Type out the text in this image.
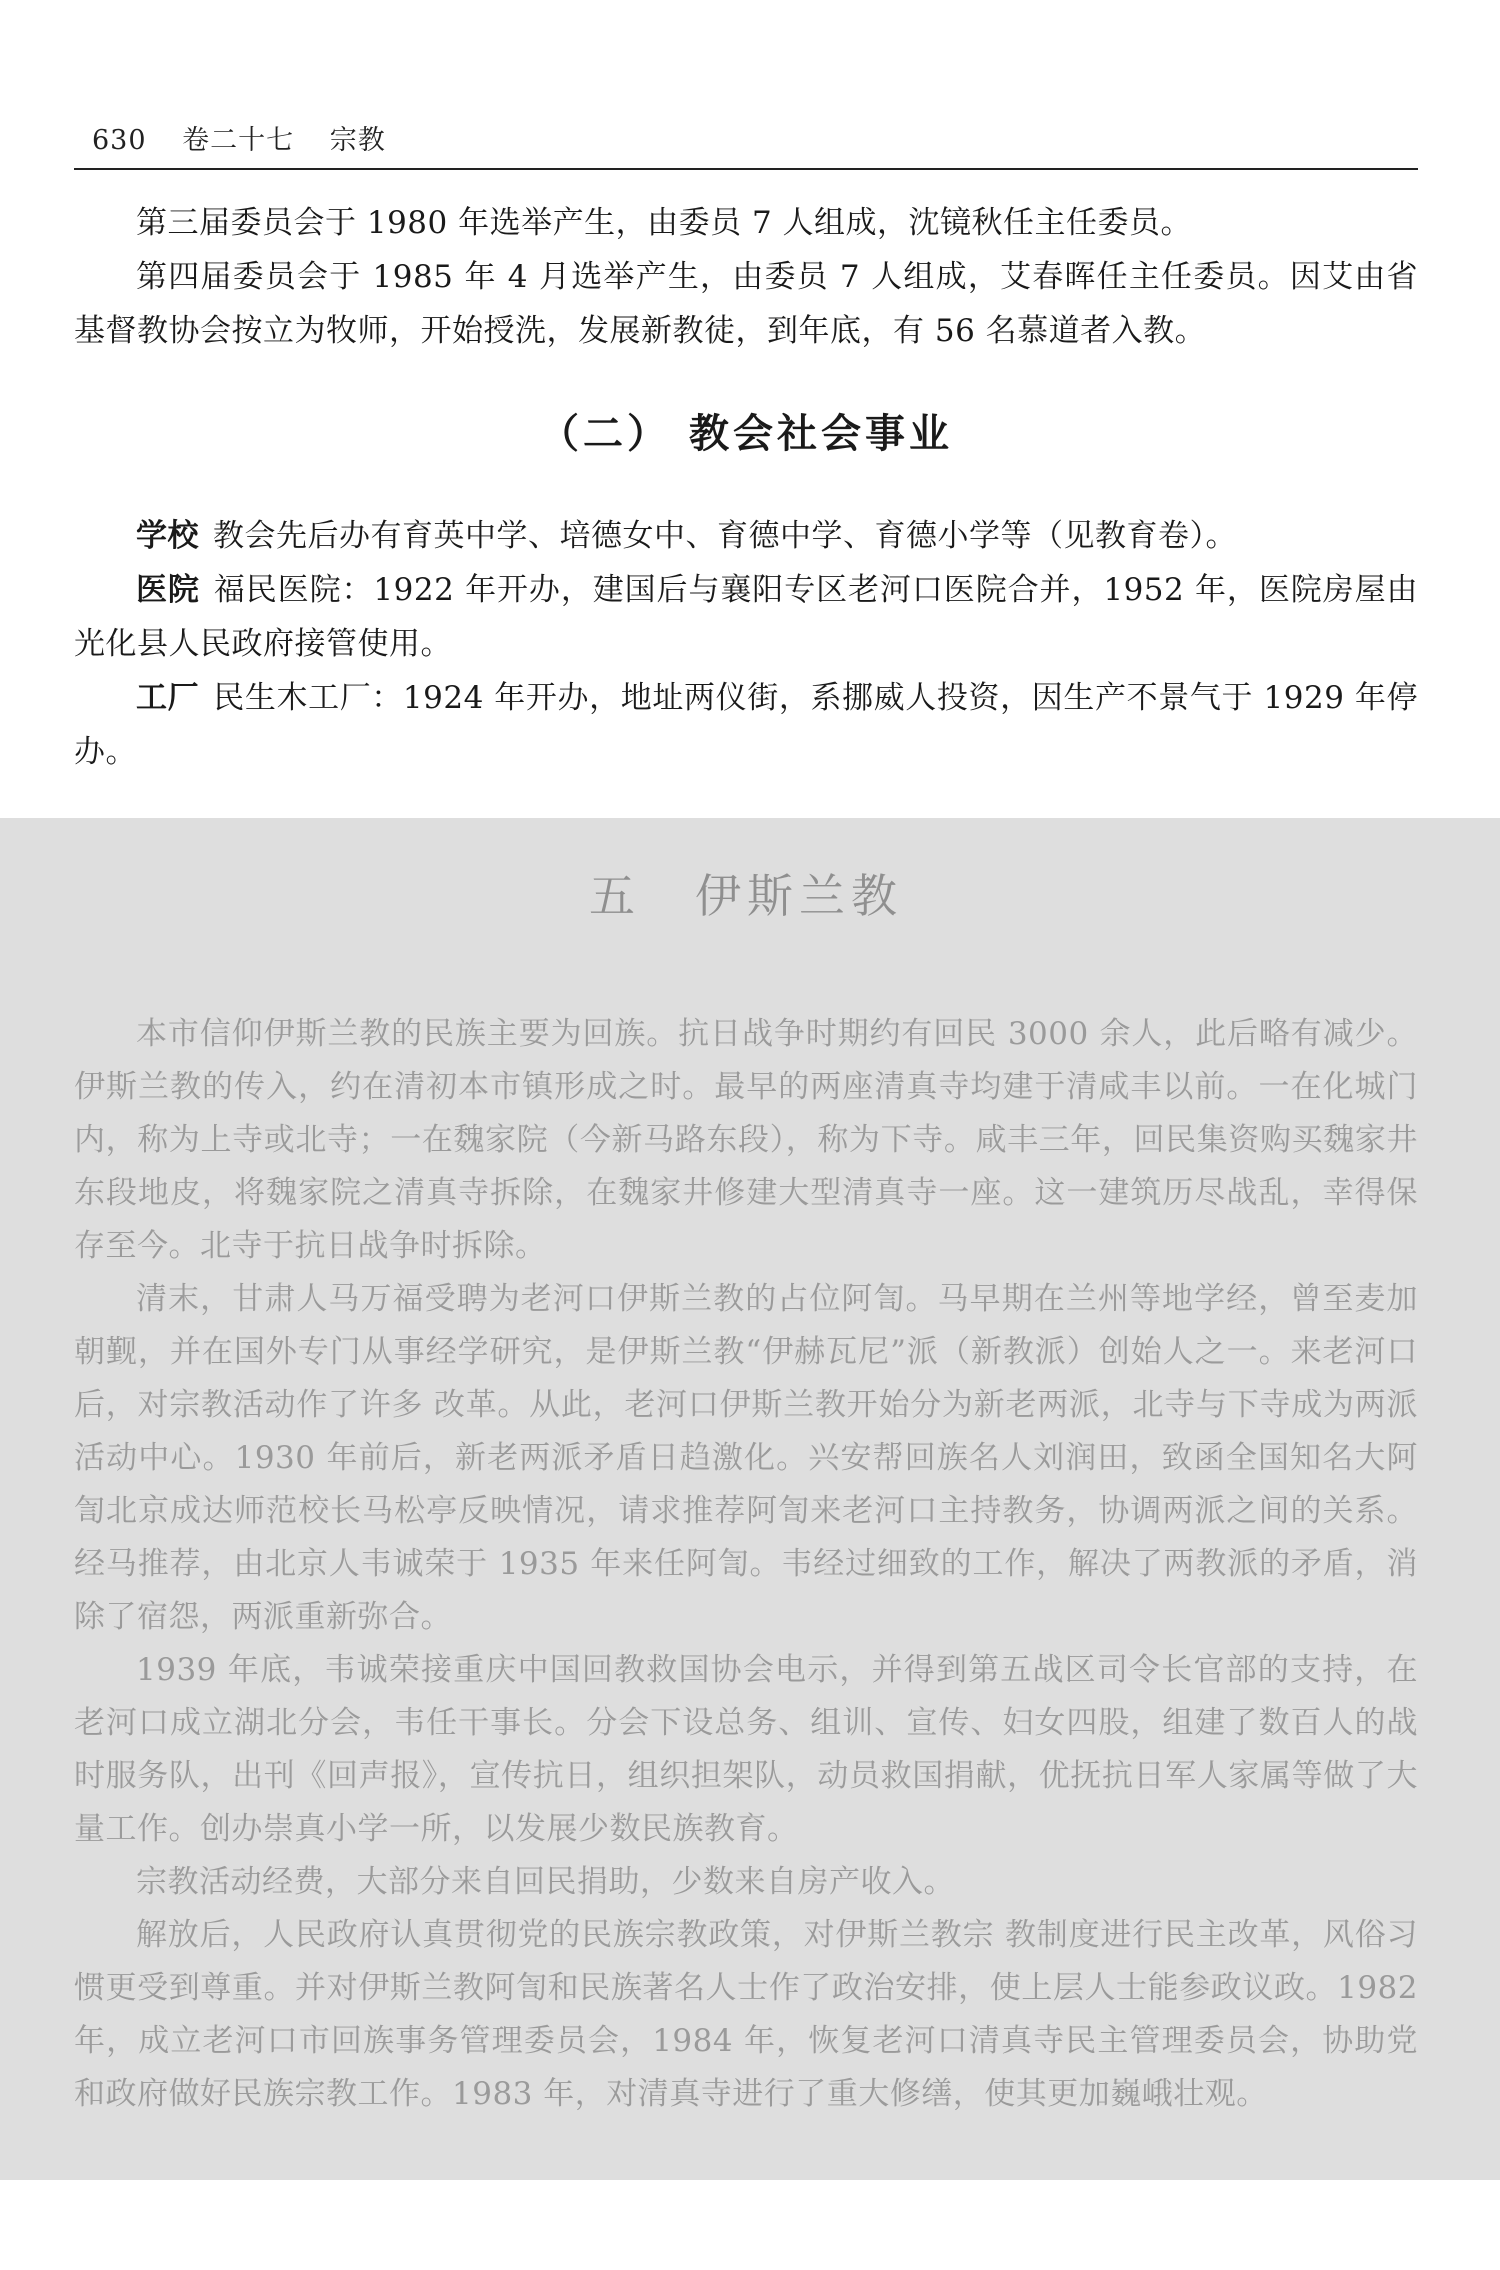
630 卷二十七 宗教

第三届委员会于 1980 年选举产生，由委员 7 人组成，沈镜秋任主任委员。

第四届委员会于 1985 年 4 月选举产生，由委员 7 人组成，艾春晖任主任委员。因艾由省基督教协会按立为牧师，开始授洗，发展新教徒，到年底，有 56 名慕道者入教。

（二） 教会社会事业

学校 教会先后办有育英中学、培德女中、育德中学、育德小学等（见教育卷）。

医院 福民医院：1922 年开办，建国后与襄阳专区老河口医院合并，1952 年，医院房屋由光化县人民政府接管使用。

工厂 民生木工厂：1924 年开办，地址两仪街，系挪威人投资，因生产不景气于 1929 年停办。

五 伊斯兰教

本市信仰伊斯兰教的民族主要为回族。抗日战争时期约有回民 3000 余人，此后略有减少。伊斯兰教的传入，约在清初本市镇形成之时。最早的两座清真寺均建于清咸丰以前。一在化城门内，称为上寺或北寺；一在魏家院（今新马路东段），称为下寺。咸丰三年，回民集资购买魏家井东段地皮，将魏家院之清真寺拆除，在魏家井修建大型清真寺一座。这一建筑历尽战乱，幸得保存至今。北寺于抗日战争时拆除。

清末，甘肃人马万福受聘为老河口伊斯兰教的占位阿訇。马早期在兰州等地学经，曾至麦加朝觐，并在国外专门从事经学研究，是伊斯兰教“伊赫瓦尼”派（新教派）创始人之一。来老河口后，对宗教活动作了许多 改革。从此，老河口伊斯兰教开始分为新老两派，北寺与下寺成为两派活动中心。1930 年前后，新老两派矛盾日趋激化。兴安帮回族名人刘润田，致函全国知名大阿訇北京成达师范校长马松亭反映情况，请求推荐阿訇来老河口主持教务，协调两派之间的关系。经马推荐，由北京人韦诚荣于 1935 年来任阿訇。韦经过细致的工作，解决了两教派的矛盾，消除了宿怨，两派重新弥合。

1939 年底，韦诚荣接重庆中国回教救国协会电示，并得到第五战区司令长官部的支持，在老河口成立湖北分会，韦任干事长。分会下设总务、组训、宣传、妇女四股，组建了数百人的战时服务队，出刊《回声报》，宣传抗日，组织担架队，动员救国捐献，优抚抗日军人家属等做了大量工作。创办崇真小学一所，以发展少数民族教育。

宗教活动经费，大部分来自回民捐助，少数来自房产收入。

解放后，人民政府认真贯彻党的民族宗教政策，对伊斯兰教宗 教制度进行民主改革，风俗习惯更受到尊重。并对伊斯兰教阿訇和民族著名人士作了政治安排，使上层人士能参政议政。1982 年，成立老河口市回族事务管理委员会，1984 年，恢复老河口清真寺民主管理委员会，协助党和政府做好民族宗教工作。1983 年，对清真寺进行了重大修缮，使其更加巍峨壮观。
